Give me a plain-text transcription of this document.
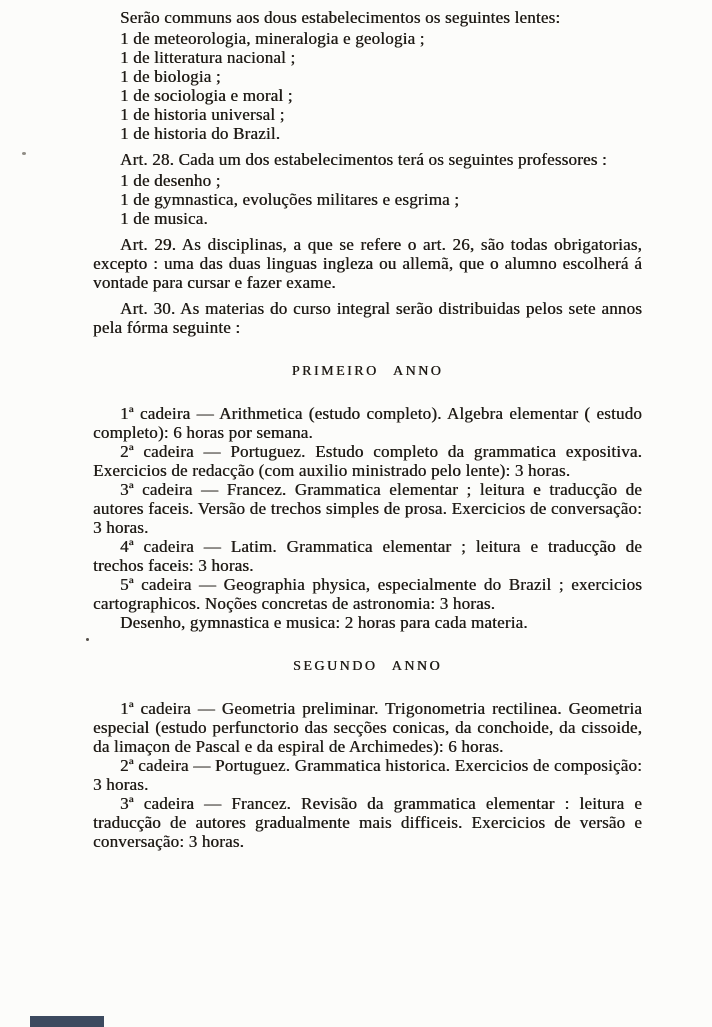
Serão communs aos dous estabelecimentos os seguintes lentes:

1 de meteorologia, mineralogia e geologia ;
1 de litteratura nacional ;
1 de biologia ;
1 de sociologia e moral ;
1 de historia universal ;
1 de historia do Brazil.

Art. 28. Cada um dos estabelecimentos terá os seguintes professores :

1 de desenho ;
1 de gymnastica, evoluções militares e esgrima ;
1 de musica.

Art. 29. As disciplinas, a que se refere o art. 26, são todas obrigatorias, excepto : uma das duas linguas ingleza ou allemã, que o alumno escolherá á vontade para cursar e fazer exame.

Art. 30. As materias do curso integral serão distribuidas pelos sete annos pela fórma seguinte :

PRIMEIRO ANNO

1ª cadeira — Arithmetica (estudo completo). Algebra elementar ( estudo completo): 6 horas por semana.

2ª cadeira — Portuguez. Estudo completo da grammatica expositiva. Exercicios de redacção (com auxilio ministrado pelo lente): 3 horas.

3ª cadeira — Francez. Grammatica elementar ; leitura e traducção de autores faceis. Versão de trechos simples de prosa. Exercicios de conversação: 3 horas.

4ª cadeira — Latim. Grammatica elementar ; leitura e traducção de trechos faceis: 3 horas.

5ª cadeira — Geographia physica, especialmente do Brazil ; exercicios cartographicos. Noções concretas de astronomia: 3 horas.

Desenho, gymnastica e musica: 2 horas para cada materia.

SEGUNDO ANNO

1ª cadeira — Geometria preliminar. Trigonometria rectilinea. Geometria especial (estudo perfunctorio das secções conicas, da conchoide, da cissoide, da limaçon de Pascal e da espiral de Archimedes): 6 horas.

2ª cadeira — Portuguez. Grammatica historica. Exercicios de composição: 3 horas.

3ª cadeira — Francez. Revisão da grammatica elementar : leitura e traducção de autores gradualmente mais difficeis. Exercicios de versão e conversação: 3 horas.
